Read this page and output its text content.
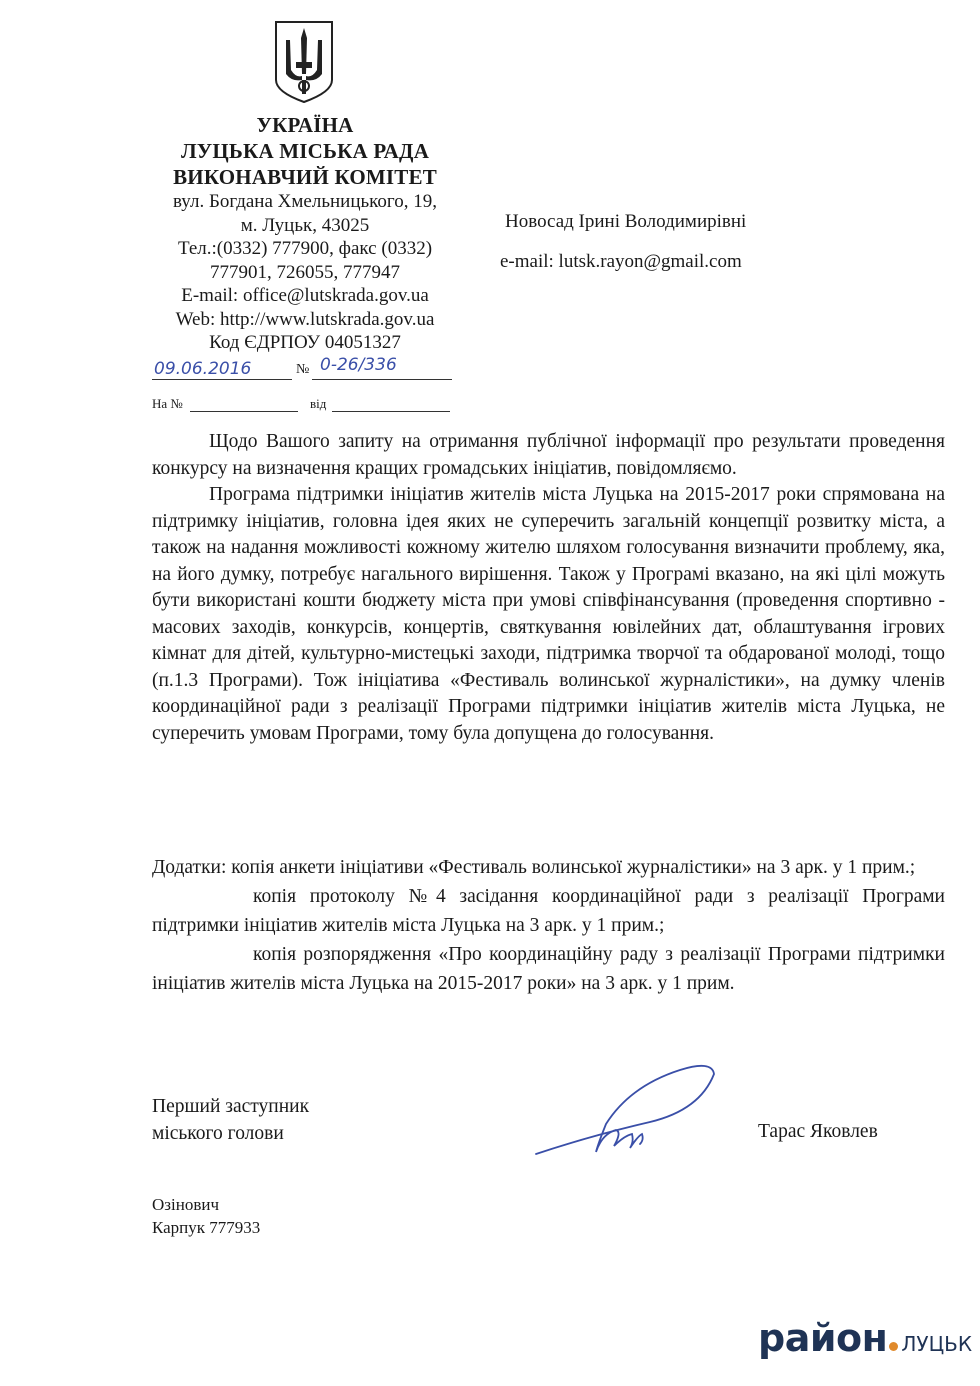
УКРАЇНА
ЛУЦЬКА МІСЬКА РАДА
ВИКОНАВЧИЙ КОМІТЕТ
вул. Богдана Хмельницького, 19,
м. Луцьк, 43025
Тел.:(0332) 777900, факс (0332)
777901, 726055, 777947
E-mail: office@lutskrada.gov.ua
Web: http://www.lutskrada.gov.ua
Код ЄДРПОУ 04051327
09.06.2016	№ 0-26/336
На №	від
Новосад Ірині Володимирівні
e-mail: lutsk.rayon@gmail.com

Щодо Вашого запиту на отримання публічної інформації про результати проведення конкурсу на визначення кращих громадських ініціатив, повідомляємо.

Програма підтримки ініціатив жителів міста Луцька на 2015-2017 роки спрямована на підтримку ініціатив, головна ідея яких не суперечить загальній концепції розвитку міста, а також на надання можливості кожному жителю шляхом голосування визначити проблему, яка, на його думку, потребує нагального вирішення. Також у Програмі вказано, на які цілі можуть бути використані кошти бюджету міста при умові співфінансування (проведення спортивно - масових заходів, конкурсів, концертів, святкування ювілейних дат, облаштування ігрових кімнат для дітей, культурно-мистецькі заходи, підтримка творчої та обдарованої молоді, тощо (п.1.3 Програми). Тож ініціатива «Фестиваль волинської журналістики», на думку членів координаційної ради з реалізації Програми підтримки ініціатив жителів міста Луцька, не суперечить умовам Програми, тому була допущена до голосування.

Додатки: копія анкети ініціативи «Фестиваль волинської журналістики» на 3 арк. у 1 прим.;

копія протоколу №4 засідання координаційної ради з реалізації Програми підтримки ініціатив жителів міста Луцька на 3 арк. у 1 прим.;

копія розпорядження «Про координаційну раду з реалізації Програми підтримки ініціатив жителів міста Луцька на 2015-2017 роки» на 3 арк. у 1 прим.

Перший заступник
міського голови	Тарас Яковлев
Озінович
Карпук 777933
район ЛУЦЬК
